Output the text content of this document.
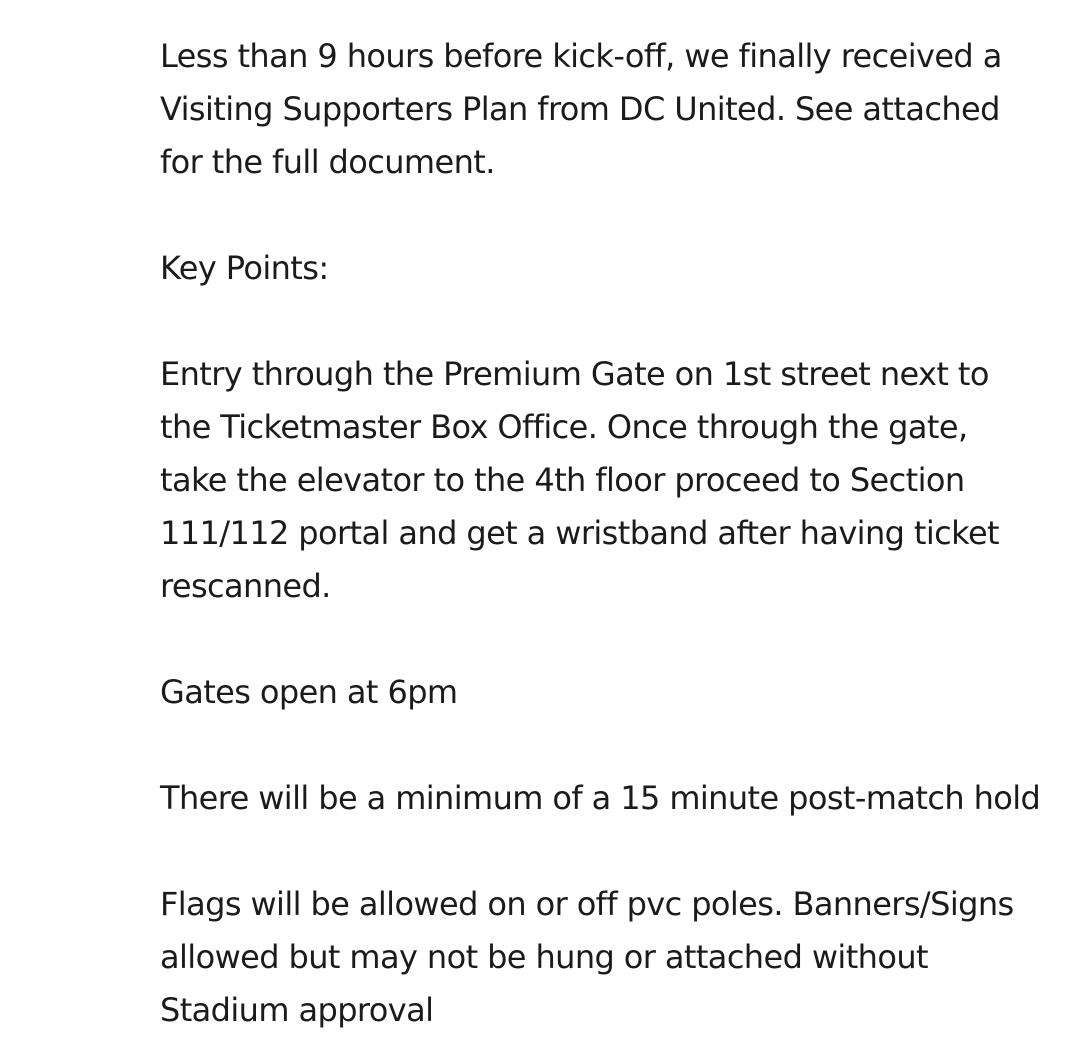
Less than 9 hours before kick-off, we finally received a
Visiting Supporters Plan from DC United. See attached
for the full document.

Key Points:

Entry through the Premium Gate on 1st street next to
the Ticketmaster Box Office. Once through the gate,
take the elevator to the 4th floor proceed to Section
111/112 portal and get a wristband after having ticket
rescanned.

Gates open at 6pm

There will be a minimum of a 15 minute post-match hold

Flags will be allowed on or off pvc poles. Banners/Signs
allowed but may not be hung or attached without
Stadium approval
